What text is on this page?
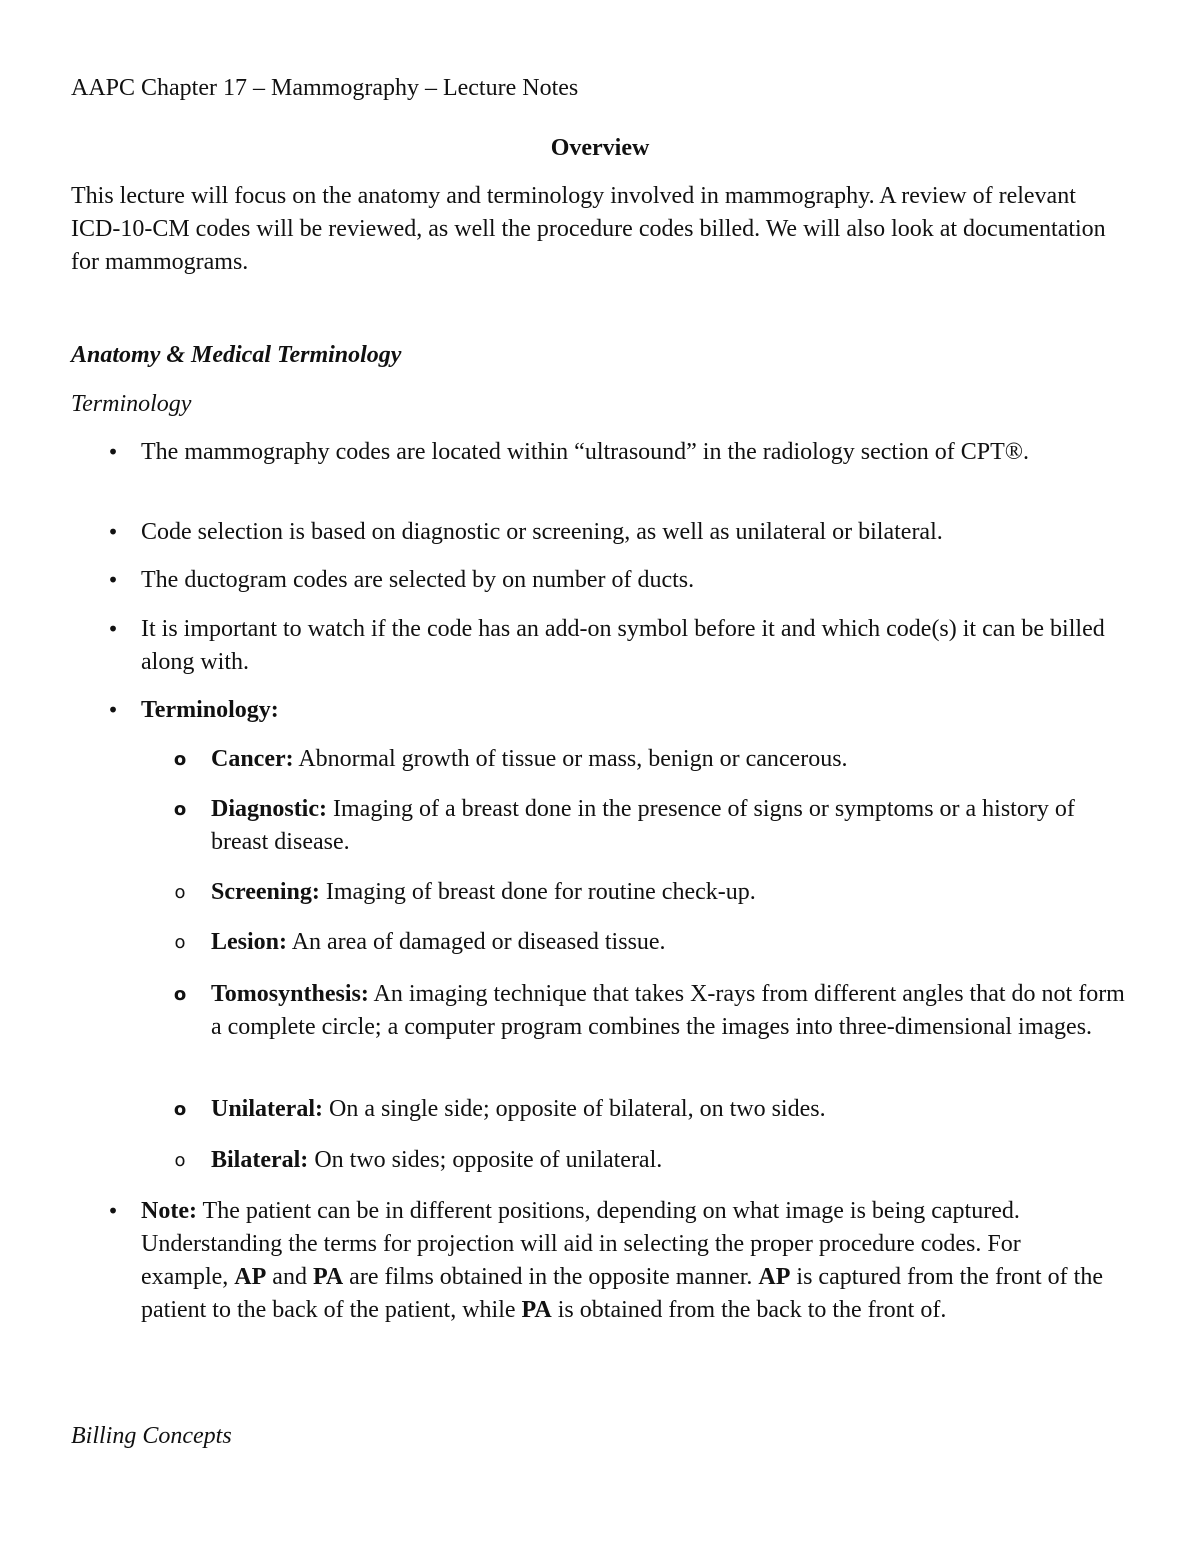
AAPC Chapter 17 – Mammography – Lecture Notes

Overview

This lecture will focus on the anatomy and terminology involved in mammography. A review of relevant ICD-10-CM codes will be reviewed, as well the procedure codes billed. We will also look at documentation for mammograms.

Anatomy & Medical Terminology

Terminology

• The mammography codes are located within “ultrasound” in the radiology section of CPT®.
• Code selection is based on diagnostic or screening, as well as unilateral or bilateral.
• The ductogram codes are selected by on number of ducts.
• It is important to watch if the code has an add-on symbol before it and which code(s) it can be billed along with.
• Terminology:
o Cancer: Abnormal growth of tissue or mass, benign or cancerous.
o Diagnostic: Imaging of a breast done in the presence of signs or symptoms or a history of breast disease.
o Screening: Imaging of breast done for routine check-up.
o Lesion: An area of damaged or diseased tissue.
o Tomosynthesis: An imaging technique that takes X-rays from different angles that do not form a complete circle; a computer program combines the images into three-dimensional images.
o Unilateral: On a single side; opposite of bilateral, on two sides.
o Bilateral: On two sides; opposite of unilateral.
• Note: The patient can be in different positions, depending on what image is being captured. Understanding the terms for projection will aid in selecting the proper procedure codes. For example, AP and PA are films obtained in the opposite manner. AP is captured from the front of the patient to the back of the patient, while PA is obtained from the back to the front of.

Billing Concepts
